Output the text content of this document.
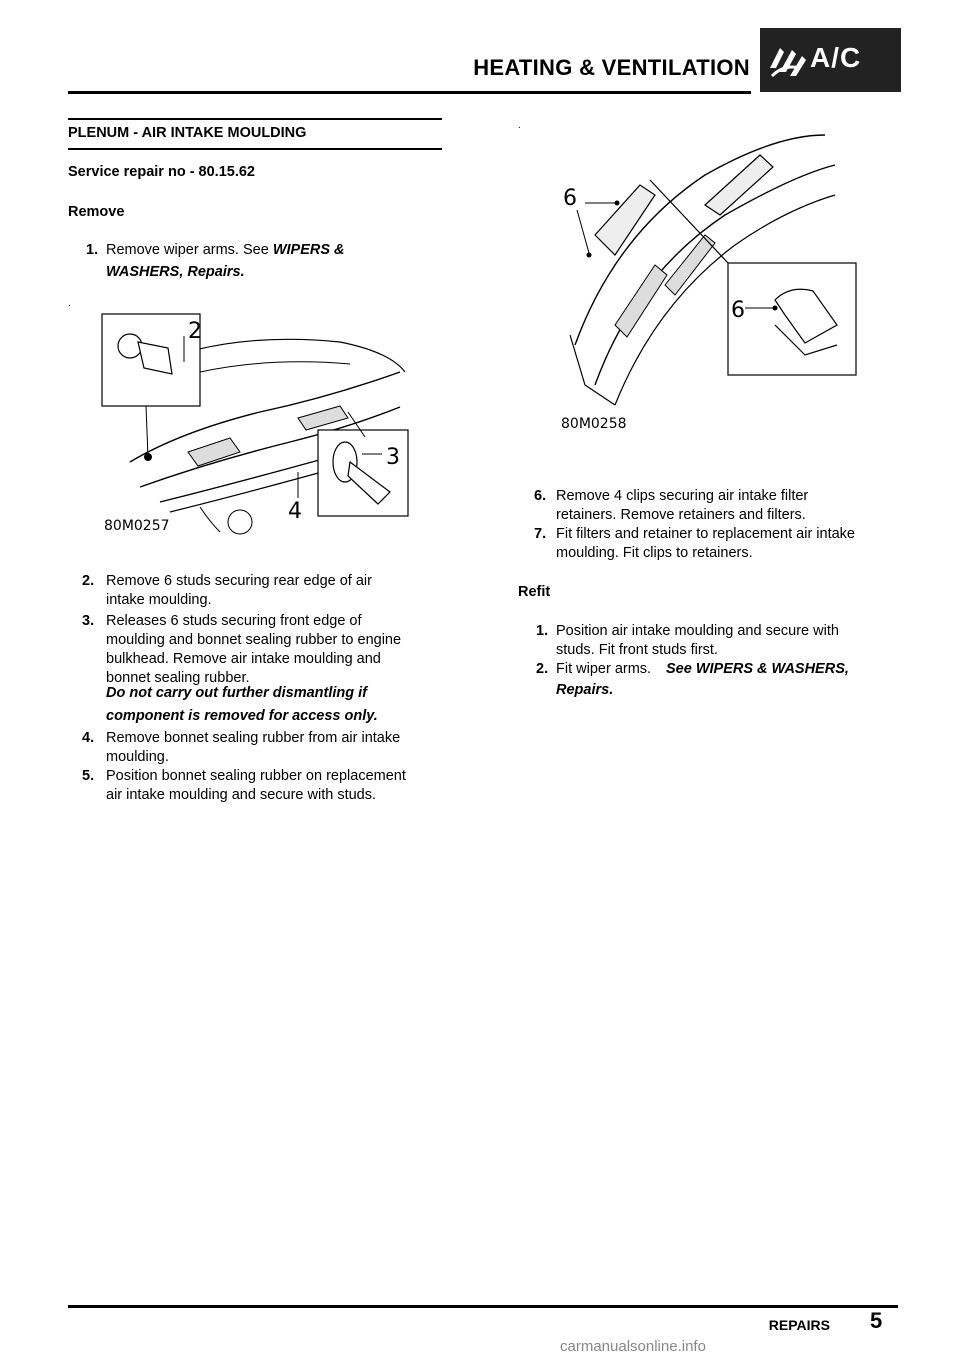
HEATING & VENTILATION A/C
PLENUM - AIR INTAKE MOULDING
Service repair no - 80.15.62
Remove
1. Remove wiper arms. See WIPERS &
WASHERS, Repairs.
.
2
3
4
80M0257
2. Remove 6 studs securing rear edge of air
intake moulding.
3. Releases 6 studs securing front edge of
moulding and bonnet sealing rubber to engine
bulkhead. Remove air intake moulding and
bonnet sealing rubber.
Do not carry out further dismantling if
component is removed for access only.
4. Remove bonnet sealing rubber from air intake
moulding.
5. Position bonnet sealing rubber on replacement
air intake moulding and secure with studs.
.
6
6
80M0258
6. Remove 4 clips securing air intake filter
retainers. Remove retainers and filters.
7. Fit filters and retainer to replacement air intake
moulding. Fit clips to retainers.
Refit
1. Position air intake moulding and secure with
studs. Fit front studs first.
2. Fit wiper arms.	See WIPERS & WASHERS,
Repairs.
REPAIRS 5
carmanualsonline.info
